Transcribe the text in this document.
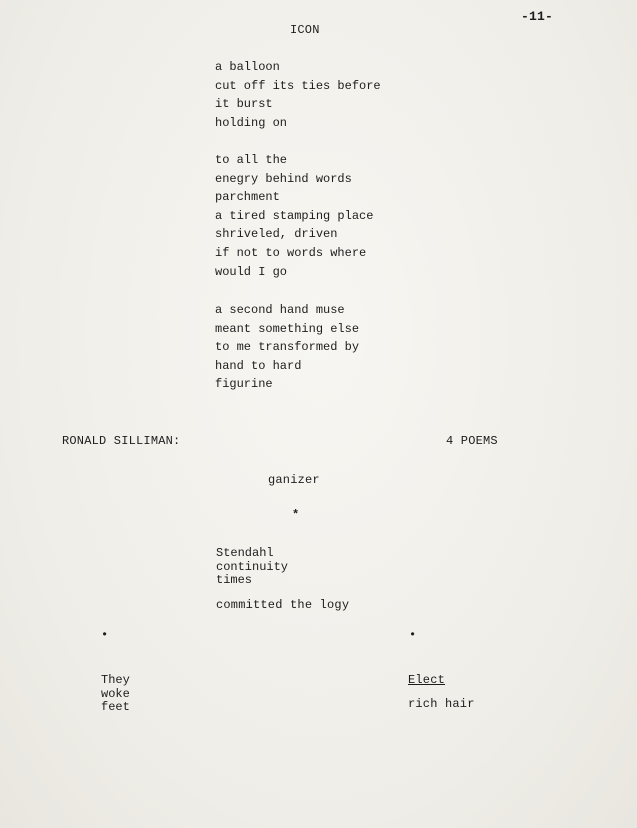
-11-
ICON
a balloon
cut off its ties before
it burst
holding on
to all the
enegry behind words
parchment
a tired stamping place
shriveled, driven
if not to words where
would I go
a second hand muse
meant something else
to me transformed by
hand to hard
figurine
RONALD SILLIMAN:	4 POEMS
ganizer
*
Stendahl
continuity
times
committed the logy
•	•
They
woke
feet
Elect
rich hair
